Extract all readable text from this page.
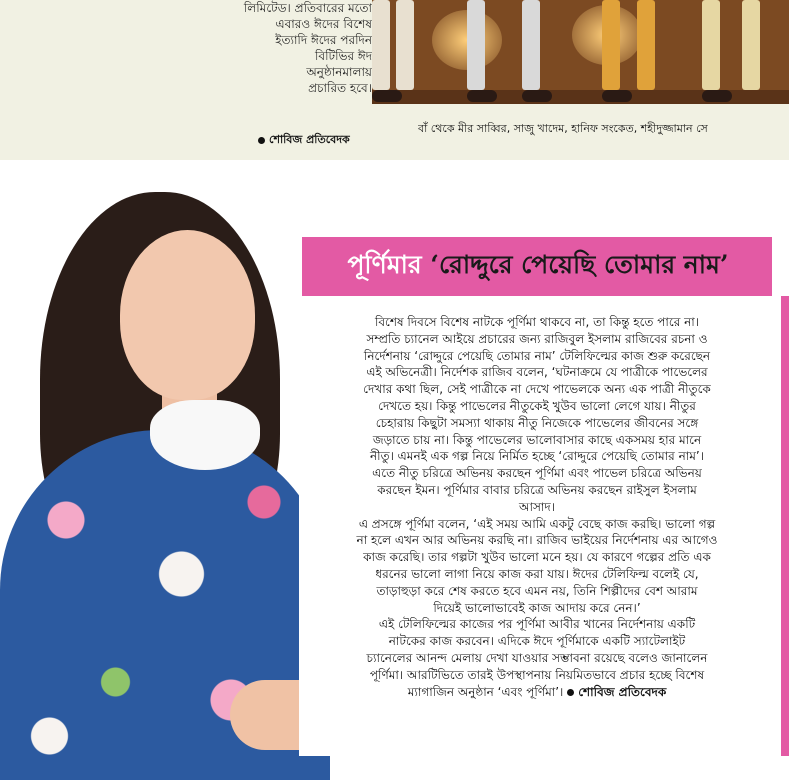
লিমিটেড। প্রতিবারের মতো
এবারও ঈদের বিশেষ
ইত্যাদি ঈদের পরদিন
বিটিভির ঈদ
অনুষ্ঠানমালায়
প্রচারিত হবে।
শোবিজ প্রতিবেদক
বাঁ থেকে মীর সাব্বির, সাজু খাদেম, হানিফ সংকেত, শহীদুজ্জামান সে
পূর্ণিমার
‘রোদ্দুরে পেয়েছি তোমার নাম’
বিশেষ দিবসে বিশেষ নাটকে পূর্ণিমা থাকবে না, তা কিন্তু হতে পারে না।
সম্প্রতি চ্যানেল আইয়ে প্রচারের জন্য রাজিবুল ইসলাম রাজিবের রচনা ও
নির্দেশনায় ‘রোদ্দুরে পেয়েছি তোমার নাম’ টেলিফিল্মের কাজ শুরু করেছেন
এই অভিনেত্রী। নির্দেশক রাজিব বলেন, ‘ঘটনাক্রমে যে পাত্রীকে পাভেলের
দেখার কথা ছিল, সেই পাত্রীকে না দেখে পাভেলকে অন্য এক পাত্রী নীতুকে
দেখতে হয়। কিন্তু পাভেলের নীতুকেই খুউব ভালো লেগে যায়। নীতুর
চেহারায় কিছুটা সমস্যা থাকায় নীতু নিজেকে পাভেলের জীবনের সঙ্গে
জড়াতে চায় না। কিন্তু পাভেলের ভালোবাসার কাছে একসময় হার মানে
নীতু। এমনই এক গল্প নিয়ে নির্মিত হচ্ছে ‘রোদ্দুরে পেয়েছি তোমার নাম’।
এতে নীতু চরিত্রে অভিনয় করছেন পূর্ণিমা এবং পাভেল চরিত্রে অভিনয়
করছেন ইমন। পূর্ণিমার বাবার চরিত্রে অভিনয় করছেন রাইসুল ইসলাম
আসাদ।
এ প্রসঙ্গে পূর্ণিমা বলেন, ‘এই সময় আমি একটু বেছে কাজ করছি। ভালো গল্প
না হলে এখন আর অভিনয় করছি না। রাজিব ভাইয়ের নির্দেশনায় এর আগেও
কাজ করেছি। তার গল্পটা খুউব ভালো মনে হয়। যে কারণে গল্পের প্রতি এক
ধরনের ভালো লাগা নিয়ে কাজ করা যায়। ঈদের টেলিফিল্ম বলেই যে,
তাড়াহুড়া করে শেষ করতে হবে এমন নয়, তিনি শিল্পীদের বেশ আরাম
দিয়েই ভালোভাবেই কাজ আদায় করে নেন।’
এই টেলিফিল্মের কাজের পর পূর্ণিমা আবীর খানের নির্দেশনায় একটি
নাটকের কাজ করবেন। এদিকে ঈদে পূর্ণিমাকে একটি স্যাটেলাইট
চ্যানেলের আনন্দ মেলায় দেখা যাওয়ার সম্ভাবনা রয়েছে বলেও জানালেন
পূর্ণিমা। আরটিভিতে তারই উপস্থাপনায় নিয়মিতভাবে প্রচার হচ্ছে বিশেষ
ম্যাগাজিন অনুষ্ঠান ‘এবং পূর্ণিমা’। শোবিজ প্রতিবেদক
